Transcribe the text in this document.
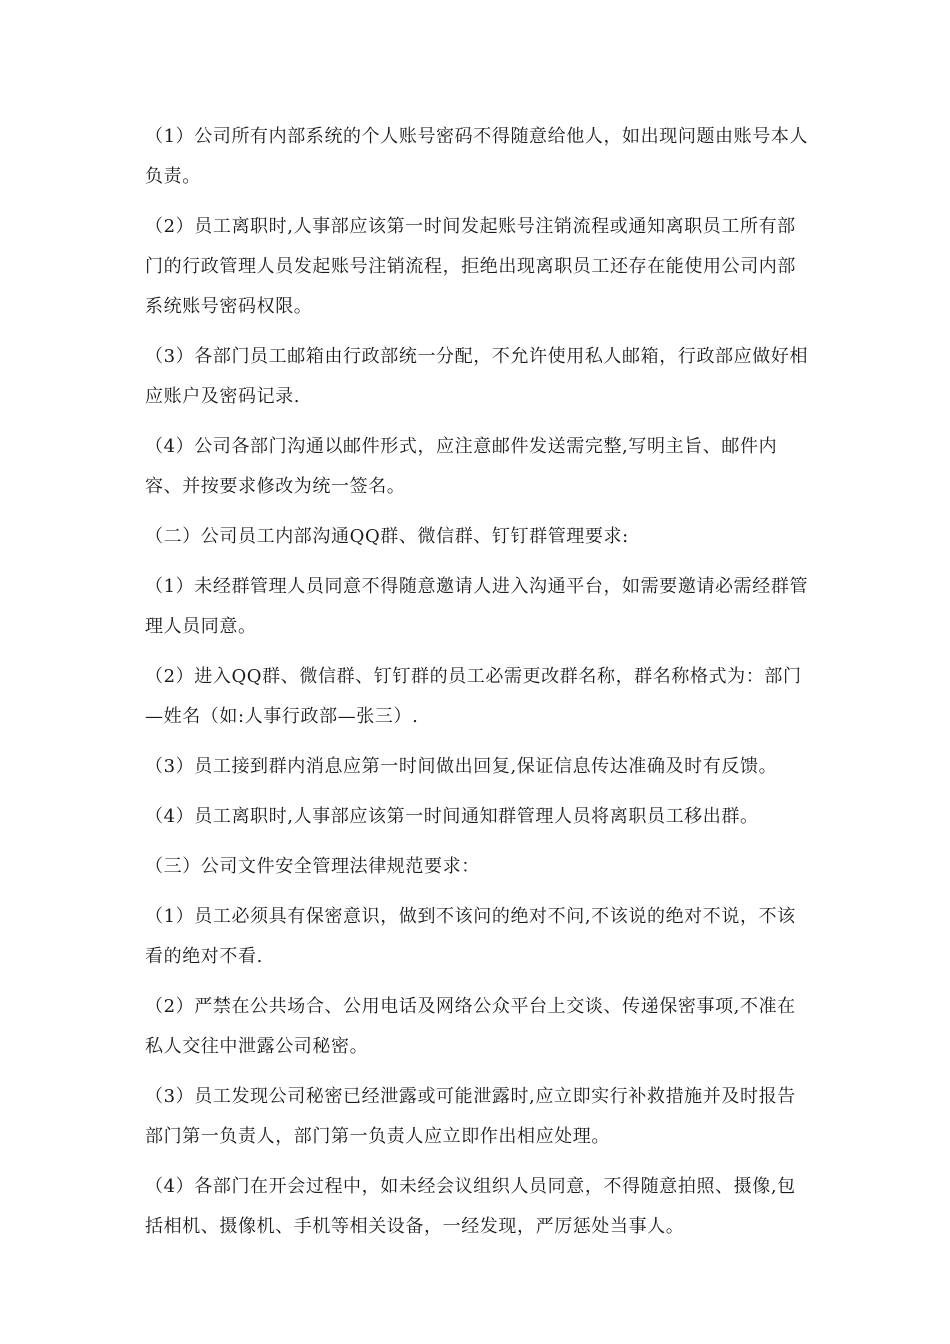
（1）公司所有内部系统的个人账号密码不得随意给他人，如出现问题由账号本人负责。

（2）员工离职时,人事部应该第一时间发起账号注销流程或通知离职员工所有部门的行政管理人员发起账号注销流程，拒绝出现离职员工还存在能使用公司内部系统账号密码权限。

（3）各部门员工邮箱由行政部统一分配，不允许使用私人邮箱，行政部应做好相应账户及密码记录.

（4）公司各部门沟通以邮件形式，应注意邮件发送需完整,写明主旨、邮件内容、并按要求修改为统一签名。

（二）公司员工内部沟通QQ群、微信群、钉钉群管理要求:

（1）未经群管理人员同意不得随意邀请人进入沟通平台，如需要邀请必需经群管理人员同意。

（2）进入QQ群、微信群、钉钉群的员工必需更改群名称，群名称格式为：部门—姓名（如:人事行政部—张三）.

（3）员工接到群内消息应第一时间做出回复,保证信息传达准确及时有反馈。

（4）员工离职时,人事部应该第一时间通知群管理人员将离职员工移出群。

（三）公司文件安全管理法律规范要求：

（1）员工必须具有保密意识，做到不该问的绝对不问,不该说的绝对不说，不该看的绝对不看.

（2）严禁在公共场合、公用电话及网络公众平台上交谈、传递保密事项,不准在私人交往中泄露公司秘密。

（3）员工发现公司秘密已经泄露或可能泄露时,应立即实行补救措施并及时报告部门第一负责人，部门第一负责人应立即作出相应处理。

（4）各部门在开会过程中，如未经会议组织人员同意，不得随意拍照、摄像,包括相机、摄像机、手机等相关设备，一经发现，严厉惩处当事人。
